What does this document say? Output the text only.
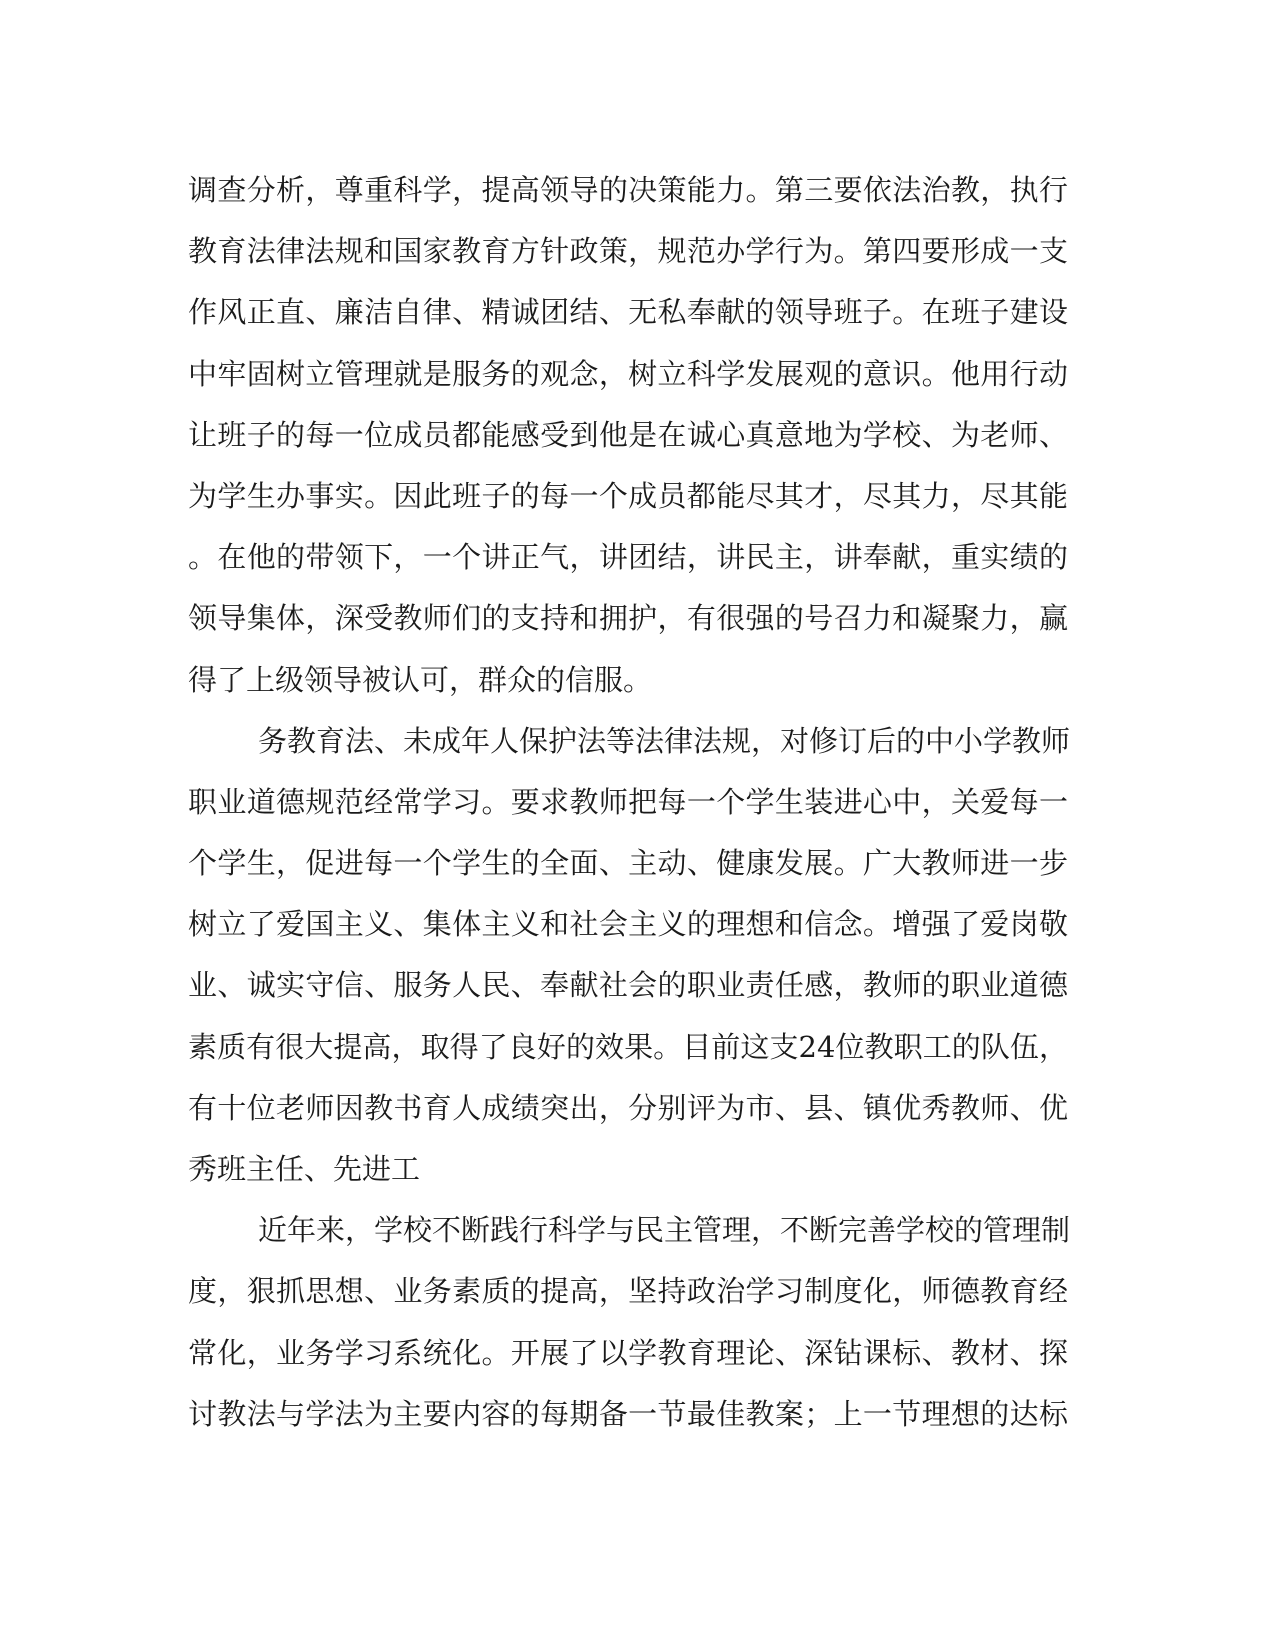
调查分析，尊重科学，提高领导的决策能力。第三要依法治教，执行
教育法律法规和国家教育方针政策，规范办学行为。第四要形成一支
作风正直、廉洁自律、精诚团结、无私奉献的领导班子。在班子建设
中牢固树立管理就是服务的观念，树立科学发展观的意识。他用行动
让班子的每一位成员都能感受到他是在诚心真意地为学校、为老师、
为学生办事实。因此班子的每一个成员都能尽其才，尽其力，尽其能
。在他的带领下，一个讲正气，讲团结，讲民主，讲奉献，重实绩的
领导集体，深受教师们的支持和拥护，有很强的号召力和凝聚力，赢
得了上级领导被认可，群众的信服。
务教育法、未成年人保护法等法律法规，对修订后的中小学教师
职业道德规范经常学习。要求教师把每一个学生装进心中，关爱每一
个学生，促进每一个学生的全面、主动、健康发展。广大教师进一步
树立了爱国主义、集体主义和社会主义的理想和信念。增强了爱岗敬
业、诚实守信、服务人民、奉献社会的职业责任感，教师的职业道德
素质有很大提高，取得了良好的效果。目前这支24位教职工的队伍，
有十位老师因教书育人成绩突出，分别评为市、县、镇优秀教师、优
秀班主任、先进工
近年来，学校不断践行科学与民主管理，不断完善学校的管理制
度，狠抓思想、业务素质的提高，坚持政治学习制度化，师德教育经
常化，业务学习系统化。开展了以学教育理论、深钻课标、教材、探
讨教法与学法为主要内容的每期备一节最佳教案；上一节理想的达标
